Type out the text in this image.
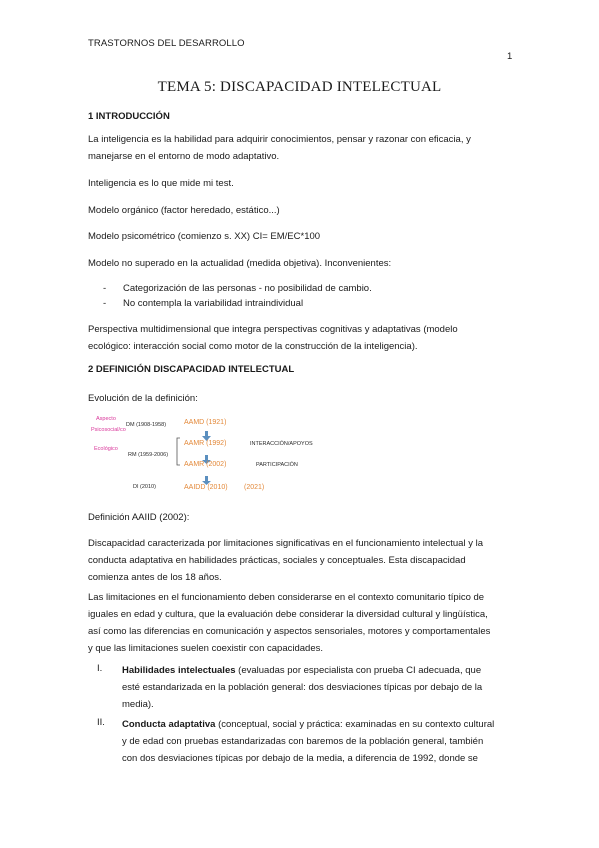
TRASTORNOS DEL DESARROLLO
1
TEMA 5: DISCAPACIDAD INTELECTUAL
1 INTRODUCCIÓN
La inteligencia es la habilidad para adquirir conocimientos, pensar y razonar con eficacia, y
manejarse en el entorno de modo adaptativo.
Inteligencia es lo que mide mi test.
Modelo orgánico (factor heredado, estático...)
Modelo psicométrico (comienzo s. XX) CI= EM/EC*100
Modelo no superado en la actualidad (medida objetiva). Inconvenientes:
- Categorización de las personas - no posibilidad de cambio.
- No contempla la variabilidad intraindividual
Perspectiva multidimensional que integra perspectivas cognitivas y adaptativas (modelo
ecológico: interacción social como motor de la construcción de la inteligencia).
2 DEFINICIÓN DISCAPACIDAD INTELECTUAL
Evolución de la definición:
Aspecto
Psicosocial/co
Ecológico
DM (1908-1958)
RM (1959-2006)
DI (2010)
AAMD (1921)
AAMR (1992)
AAMR (2002)
AAIDD (2010) (2021)
INTERACCIÓN/APOYOS
PARTICIPACIÓN
Definición AAIID (2002):
Discapacidad caracterizada por limitaciones significativas en el funcionamiento intelectual y la
conducta adaptativa en habilidades prácticas, sociales y conceptuales. Esta discapacidad
comienza antes de los 18 años.
Las limitaciones en el funcionamiento deben considerarse en el contexto comunitario típico de
iguales en edad y cultura, que la evaluación debe considerar la diversidad cultural y lingüística,
así como las diferencias en comunicación y aspectos sensoriales, motores y comportamentales
y que las limitaciones suelen coexistir con capacidades.
I. Habilidades intelectuales (evaluadas por especialista con prueba CI adecuada, que
esté estandarizada en la población general: dos desviaciones típicas por debajo de la
media).
II. Conducta adaptativa (conceptual, social y práctica: examinadas en su contexto cultural
y de edad con pruebas estandarizadas con baremos de la población general, también
con dos desviaciones típicas por debajo de la media, a diferencia de 1992, donde se
